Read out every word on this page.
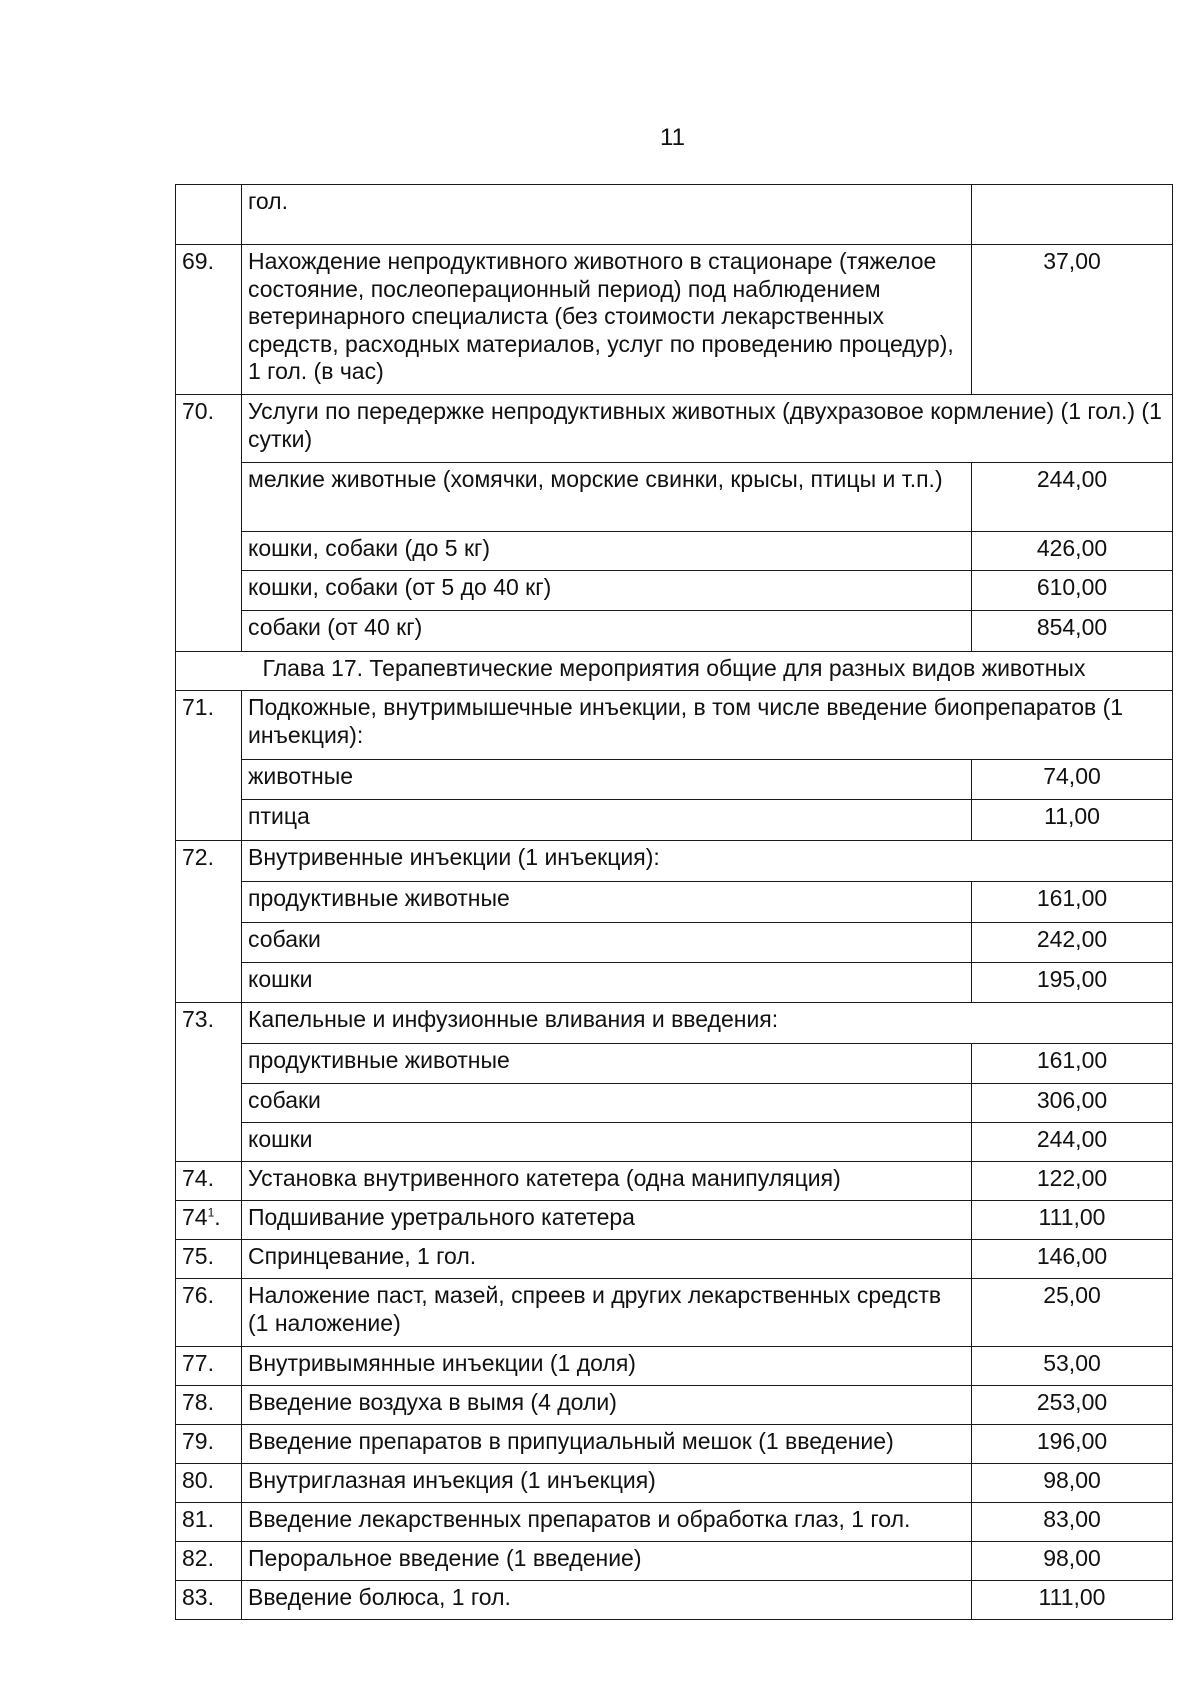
11
	гол.	
69.	Нахождение непродуктивного животного в стационаре (тяжелое состояние, послеоперационный период) под наблюдением ветеринарного специалиста (без стоимости лекарственных средств, расходных материалов, услуг по проведению процедур), 1 гол. (в час)	37,00
70.	Услуги по передержке непродуктивных животных (двухразовое кормление) (1 гол.) (1 сутки)	
	мелкие животные (хомячки, морские свинки, крысы, птицы и т.п.)	244,00
	кошки, собаки (до 5 кг)	426,00
	кошки, собаки (от 5 до 40 кг)	610,00
	собаки (от 40 кг)	854,00
Глава 17. Терапевтические мероприятия общие для разных видов животных		
71.	Подкожные, внутримышечные инъекции, в том числе введение биопрепаратов (1 инъекция):	
	животные	74,00
	птица	11,00
72.	Внутривенные инъекции (1 инъекция):	
	продуктивные животные	161,00
	собаки	242,00
	кошки	195,00
73.	Капельные и инфузионные вливания и введения:	
	продуктивные животные	161,00
	собаки	306,00
	кошки	244,00
74.	Установка внутривенного катетера (одна манипуляция)	122,00
$74^1$.	Подшивание уретрального катетера	111,00
75.	Спринцевание, 1 гол.	146,00
76.	Наложение паст, мазей, спреев и других лекарственных средств (1 наложение)	25,00
77.	Внутривымянные инъекции (1 доля)	53,00
78.	Введение воздуха в вымя (4 доли)	253,00
79.	Введение препаратов в припуциальный мешок (1 введение)	196,00
80.	Внутриглазная инъекция (1 инъекция)	98,00
81.	Введение лекарственных препаратов и обработка глаз, 1 гол.	83,00
82.	Пероральное введение (1 введение)	98,00
83.	Введение болюса, 1 гол.	111,00
